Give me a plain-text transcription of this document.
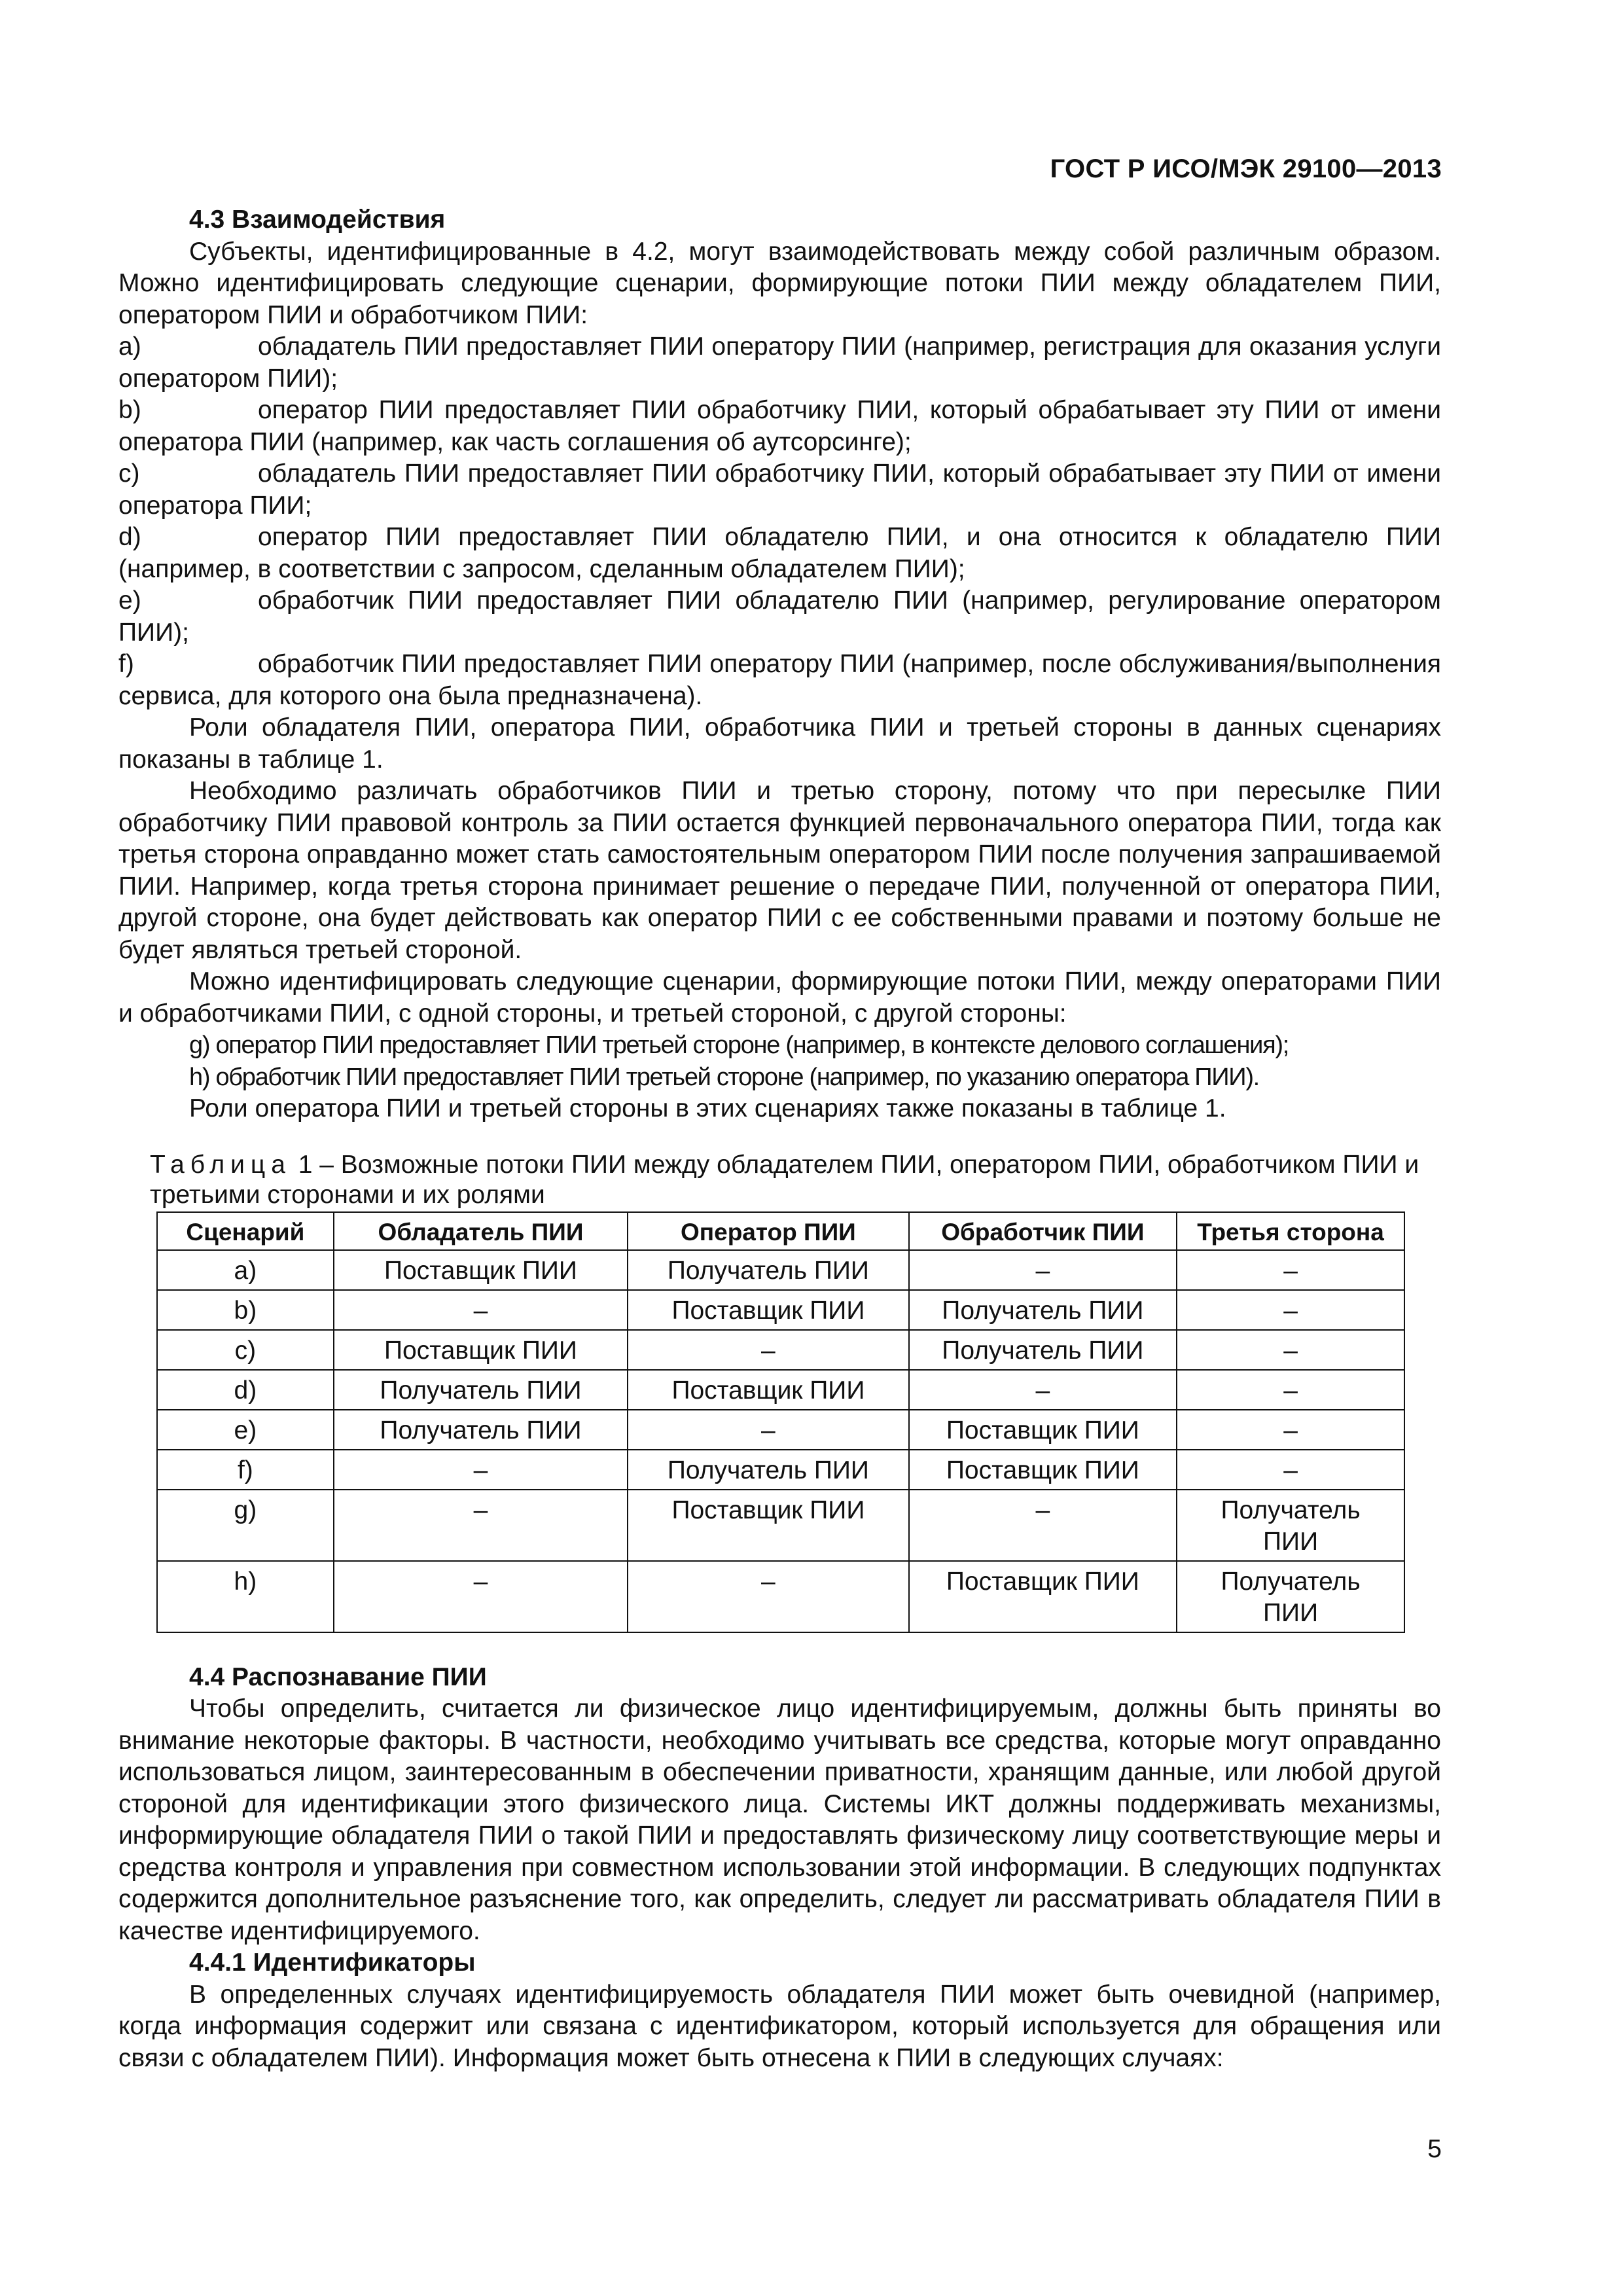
ГОСТ Р ИСО/МЭК 29100—2013

4.3 Взаимодействия

Субъекты, идентифицированные в 4.2, могут взаимодействовать между собой различным образом. Можно идентифицировать следующие сценарии, формирующие потоки ПИИ между обладателем ПИИ, оператором ПИИ и обработчиком ПИИ:

a)	обладатель ПИИ предоставляет ПИИ оператору ПИИ (например, регистрация для оказания услуги оператором ПИИ);

b)	оператор ПИИ предоставляет ПИИ обработчику ПИИ, который обрабатывает эту ПИИ от имени оператора ПИИ (например, как часть соглашения об аутсорсинге);

c)	обладатель ПИИ предоставляет ПИИ обработчику ПИИ, который обрабатывает эту ПИИ от имени оператора ПИИ;

d)	оператор ПИИ предоставляет ПИИ обладателю ПИИ, и она относится к обладателю ПИИ (например, в соответствии с запросом, сделанным обладателем ПИИ);

e)	обработчик ПИИ предоставляет ПИИ обладателю ПИИ (например, регулирование оператором ПИИ);

f)	обработчик ПИИ предоставляет ПИИ оператору ПИИ (например, после обслуживания/выполнения сервиса, для которого она была предназначена).

Роли обладателя ПИИ, оператора ПИИ, обработчика ПИИ и третьей стороны в данных сценариях показаны в таблице 1.

Необходимо различать обработчиков ПИИ и третью сторону, потому что при пересылке ПИИ обработчику ПИИ правовой контроль за ПИИ остается функцией первоначального оператора ПИИ, тогда как третья сторона оправданно может стать самостоятельным оператором ПИИ после получения запрашиваемой ПИИ. Например, когда третья сторона принимает решение о передаче ПИИ, полученной от оператора ПИИ, другой стороне, она будет действовать как оператор ПИИ с ее собственными правами и поэтому больше не будет являться третьей стороной.

Можно идентифицировать следующие сценарии, формирующие потоки ПИИ, между операторами ПИИ и обработчиками ПИИ, с одной стороны, и третьей стороной, с другой стороны:

g) оператор ПИИ предоставляет ПИИ третьей стороне (например, в контексте делового соглашения);

h) обработчик ПИИ предоставляет ПИИ третьей стороне (например, по указанию оператора ПИИ).

Роли оператора ПИИ и третьей стороны в этих сценариях также показаны в таблице 1.

Таблица 1 – Возможные потоки ПИИ между обладателем ПИИ, оператором ПИИ, обработчиком ПИИ и третьими сторонами и их ролями

Сценарий	Обладатель ПИИ	Оператор ПИИ	Обработчик ПИИ	Третья сторона
a)	Поставщик ПИИ	Получатель ПИИ	–	–
b)	–	Поставщик ПИИ	Получатель ПИИ	–
c)	Поставщик ПИИ	–	Получатель ПИИ	–
d)	Получатель ПИИ	Поставщик ПИИ	–	–
e)	Получатель ПИИ	–	Поставщик ПИИ	–
f)	–	Получатель ПИИ	Поставщик ПИИ	–
g)	–	Поставщик ПИИ	–	Получатель ПИИ
h)	–	–	Поставщик ПИИ	Получатель ПИИ

4.4 Распознавание ПИИ

Чтобы определить, считается ли физическое лицо идентифицируемым, должны быть приняты во внимание некоторые факторы. В частности, необходимо учитывать все средства, которые могут оправданно использоваться лицом, заинтересованным в обеспечении приватности, хранящим данные, или любой другой стороной для идентификации этого физического лица. Системы ИКТ должны поддерживать механизмы, информирующие обладателя ПИИ о такой ПИИ и предоставлять физическому лицу соответствующие меры и средства контроля и управления при совместном использовании этой информации. В следующих подпунктах содержится дополнительное разъяснение того, как определить, следует ли рассматривать обладателя ПИИ в качестве идентифицируемого.

4.4.1 Идентификаторы

В определенных случаях идентифицируемость обладателя ПИИ может быть очевидной (например, когда информация содержит или связана с идентификатором, который используется для обращения или связи с обладателем ПИИ). Информация может быть отнесена к ПИИ в следующих случаях:

5
